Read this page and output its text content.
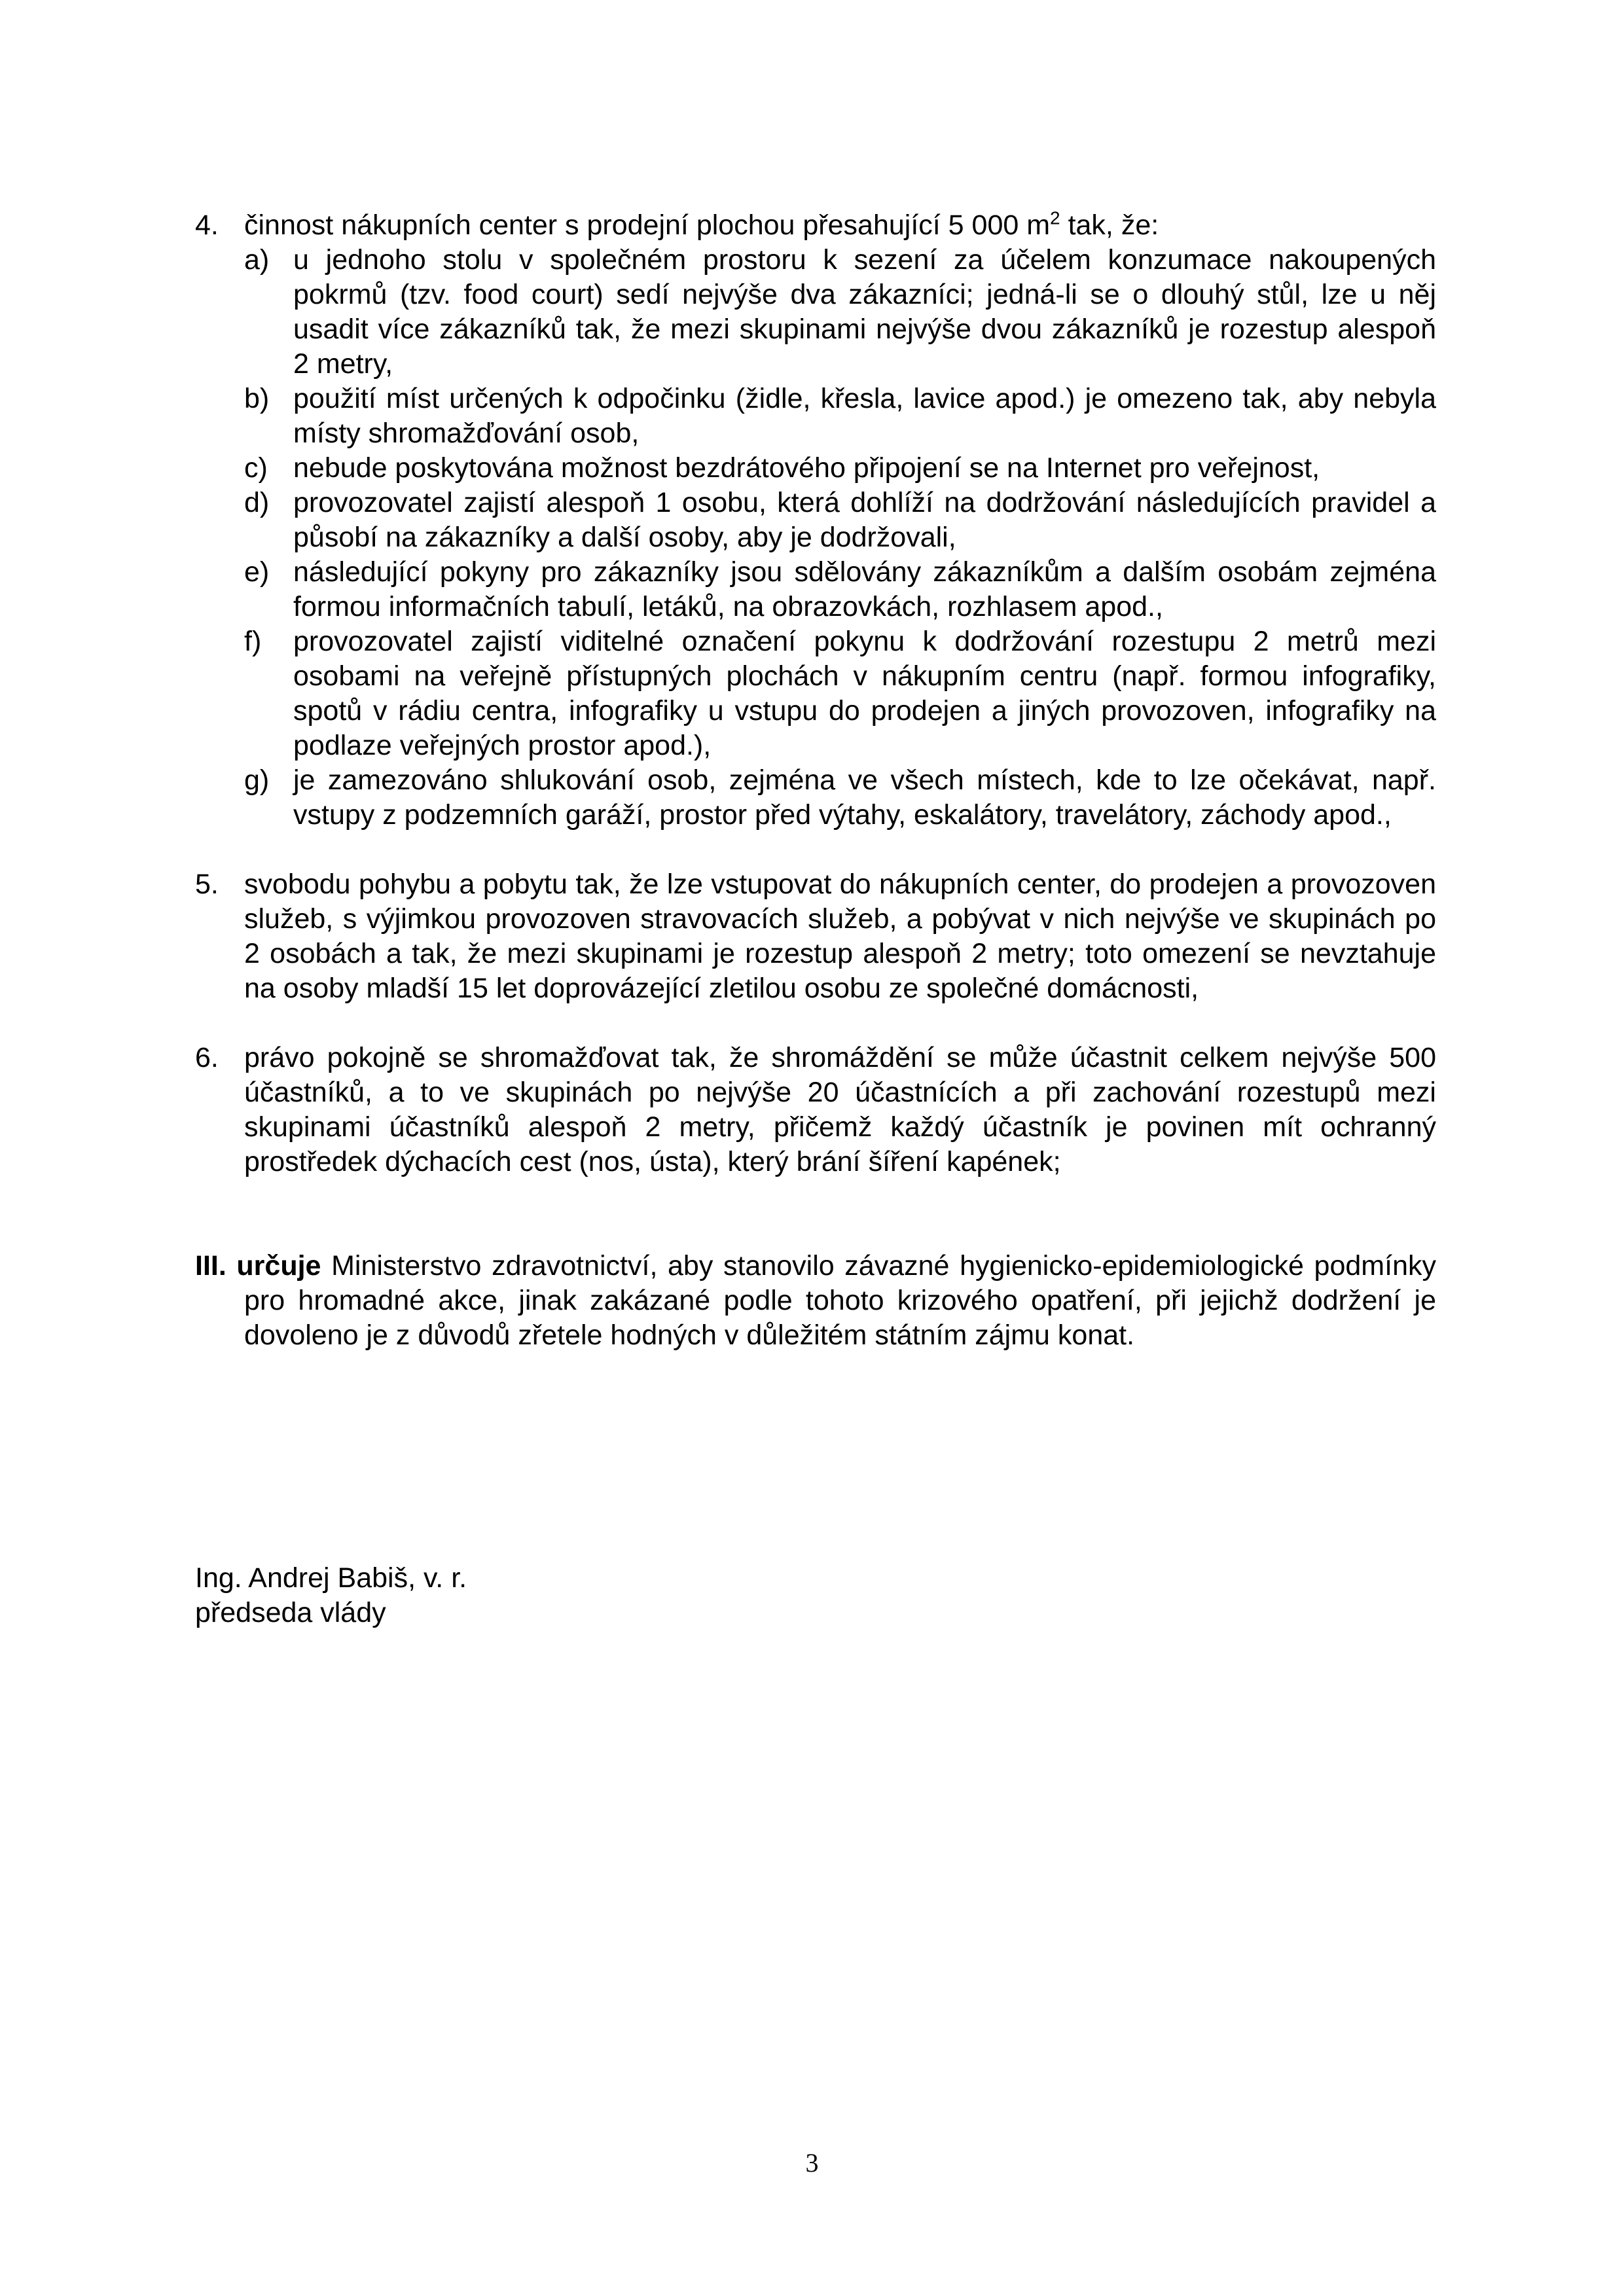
4. činnost nákupních center s prodejní plochou přesahující 5 000 $m^2$ tak, že:
a) u jednoho stolu v společném prostoru k sezení za účelem konzumace nakoupených pokrmů (tzv. food court) sedí nejvýše dva zákazníci; jedná-li se o dlouhý stůl, lze u něj usadit více zákazníků tak, že mezi skupinami nejvýše dvou zákazníků je rozestup alespoň 2 metry,
b) použití míst určených k odpočinku (židle, křesla, lavice apod.) je omezeno tak, aby nebyla místy shromažďování osob,
c) nebude poskytována možnost bezdrátového připojení se na Internet pro veřejnost,
d) provozovatel zajistí alespoň 1 osobu, která dohlíží na dodržování následujících pravidel a působí na zákazníky a další osoby, aby je dodržovali,
e) následující pokyny pro zákazníky jsou sdělovány zákazníkům a dalším osobám zejména formou informačních tabulí, letáků, na obrazovkách, rozhlasem apod.,
f) provozovatel zajistí viditelné označení pokynu k dodržování rozestupu 2 metrů mezi osobami na veřejně přístupných plochách v nákupním centru (např. formou infografiky, spotů v rádiu centra, infografiky u vstupu do prodejen a jiných provozoven, infografiky na podlaze veřejných prostor apod.),
g) je zamezováno shlukování osob, zejména ve všech místech, kde to lze očekávat, např. vstupy z podzemních garáží, prostor před výtahy, eskalátory, travelátory, záchody apod.,
5. svobodu pohybu a pobytu tak, že lze vstupovat do nákupních center, do prodejen a provozoven služeb, s výjimkou provozoven stravovacích služeb, a pobývat v nich nejvýše ve skupinách po 2 osobách a tak, že mezi skupinami je rozestup alespoň 2 metry; toto omezení se nevztahuje na osoby mladší 15 let doprovázející zletilou osobu ze společné domácnosti,
6. právo pokojně se shromažďovat tak, že shromáždění se může účastnit celkem nejvýše 500 účastníků, a to ve skupinách po nejvýše 20 účastnících a při zachování rozestupů mezi skupinami účastníků alespoň 2 metry, přičemž každý účastník je povinen mít ochranný prostředek dýchacích cest (nos, ústa), který brání šíření kapének;
III. určuje Ministerstvo zdravotnictví, aby stanovilo závazné hygienicko-epidemiologické podmínky pro hromadné akce, jinak zakázané podle tohoto krizového opatření, při jejichž dodržení je dovoleno je z důvodů zřetele hodných v důležitém státním zájmu konat.
Ing. Andrej Babiš, v. r.
předseda vlády
3
